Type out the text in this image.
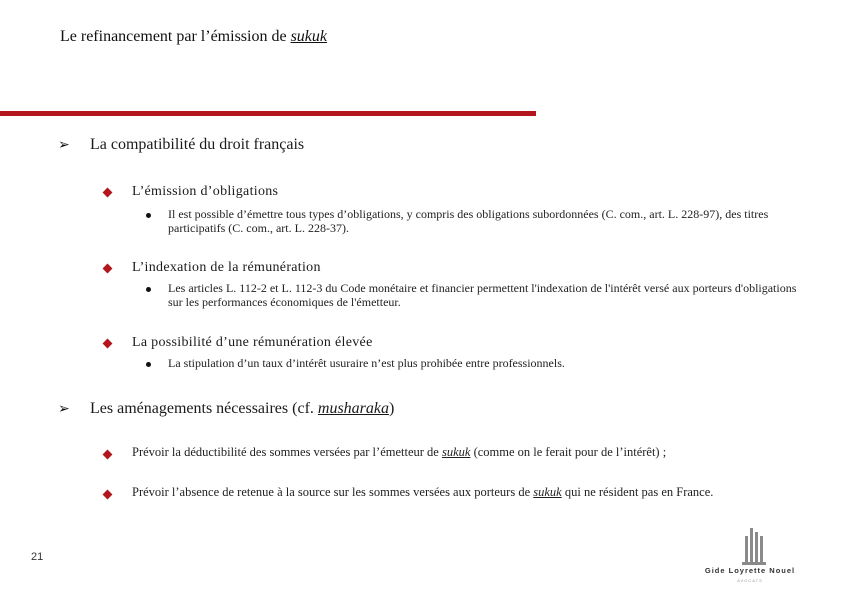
Le refinancement par l’émission de sukuk
➢ La compatibilité du droit français
L’émission d’obligations
Il est possible d’émettre tous types d’obligations, y compris des obligations subordonnées (C. com., art. L. 228-97), des titres participatifs (C. com., art. L. 228-37).
L’indexation de la rémunération
Les articles L. 112-2 et L. 112-3 du Code monétaire et financier permettent l'indexation de l'intérêt versé aux porteurs d'obligations sur les performances économiques de l'émetteur.
La possibilité d’une rémunération élevée
La stipulation d’un taux d’intérêt usuraire n’est plus prohibée entre professionnels.
➢ Les aménagements nécessaires (cf. musharaka)
Prévoir la déductibilité des sommes versées par l’émetteur de sukuk (comme on le ferait pour de l’intérêt) ;
Prévoir l’absence de retenue à la source sur les sommes versées aux porteurs de sukuk qui ne résident pas en France.
21
Gide Loyrette Nouel
AVOCATS
